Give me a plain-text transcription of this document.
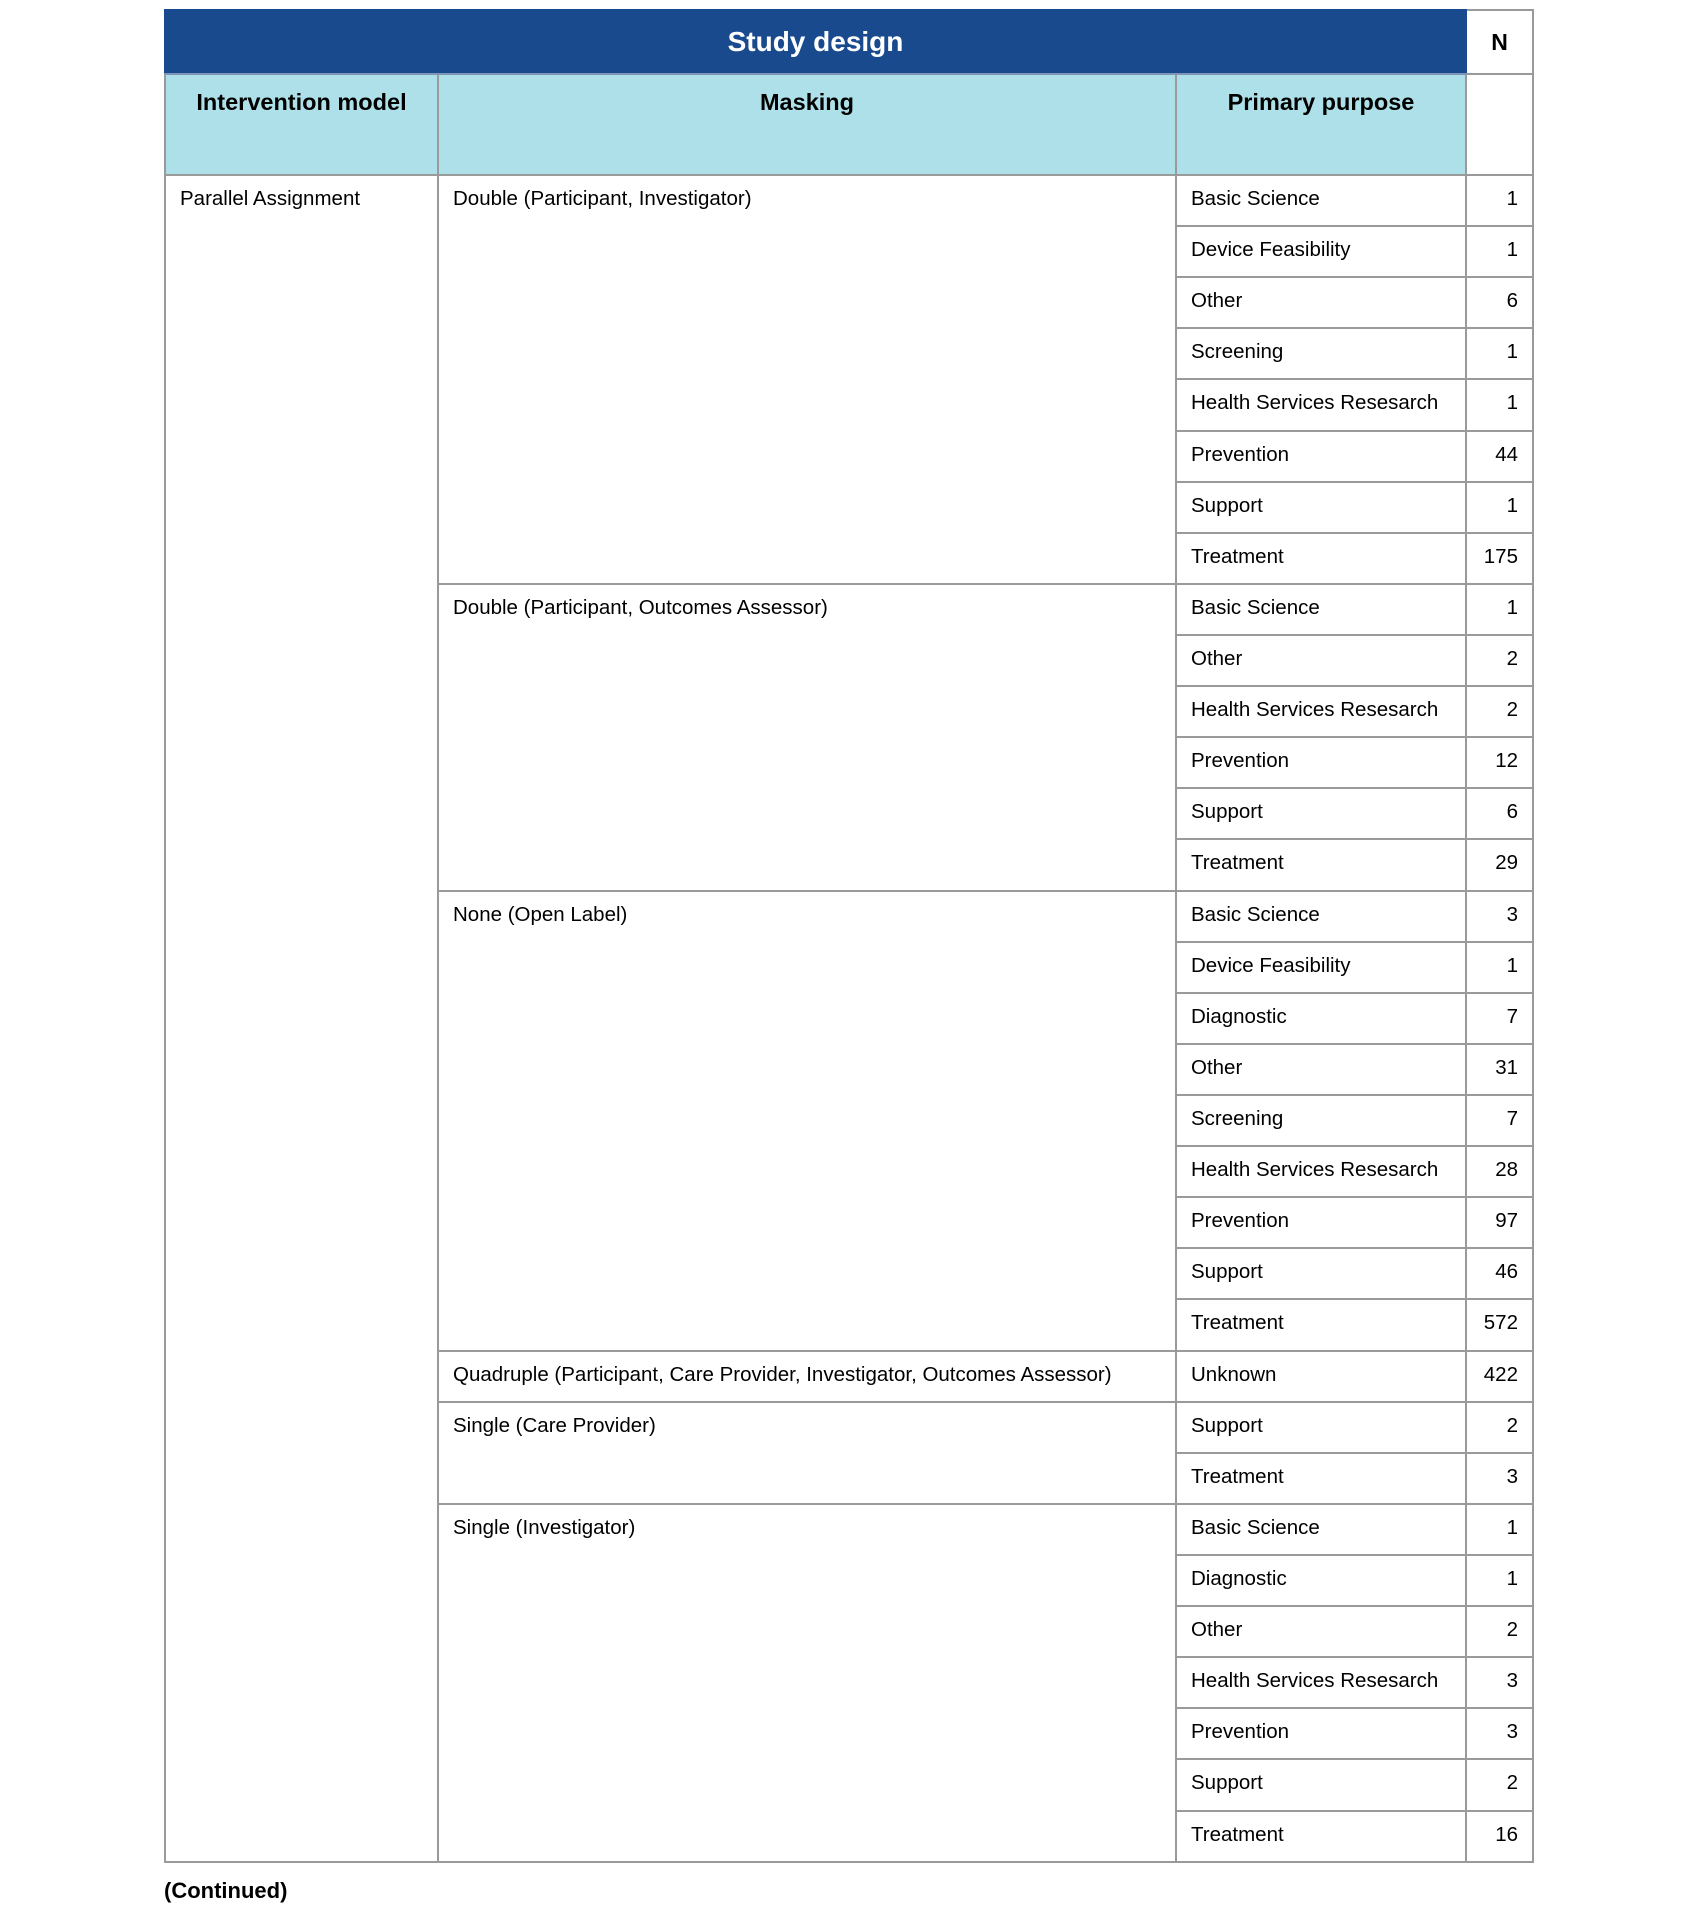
Study design			N
Intervention model	Masking	Primary purpose	
Parallel Assignment	Double (Participant, Investigator)	Basic Science	1
		Device Feasibility	1
		Other	6
		Screening	1
		Health Services Resesarch	1
		Prevention	44
		Support	1
		Treatment	175
	Double (Participant, Outcomes Assessor)	Basic Science	1
		Other	2
		Health Services Resesarch	2
		Prevention	12
		Support	6
		Treatment	29
	None (Open Label)	Basic Science	3
		Device Feasibility	1
		Diagnostic	7
		Other	31
		Screening	7
		Health Services Resesarch	28
		Prevention	97
		Support	46
		Treatment	572
	Quadruple (Participant, Care Provider, Investigator, Outcomes Assessor)	Unknown	422
	Single (Care Provider)	Support	2
		Treatment	3
	Single (Investigator)	Basic Science	1
		Diagnostic	1
		Other	2
		Health Services Resesarch	3
		Prevention	3
		Support	2
		Treatment	16
(Continued)
